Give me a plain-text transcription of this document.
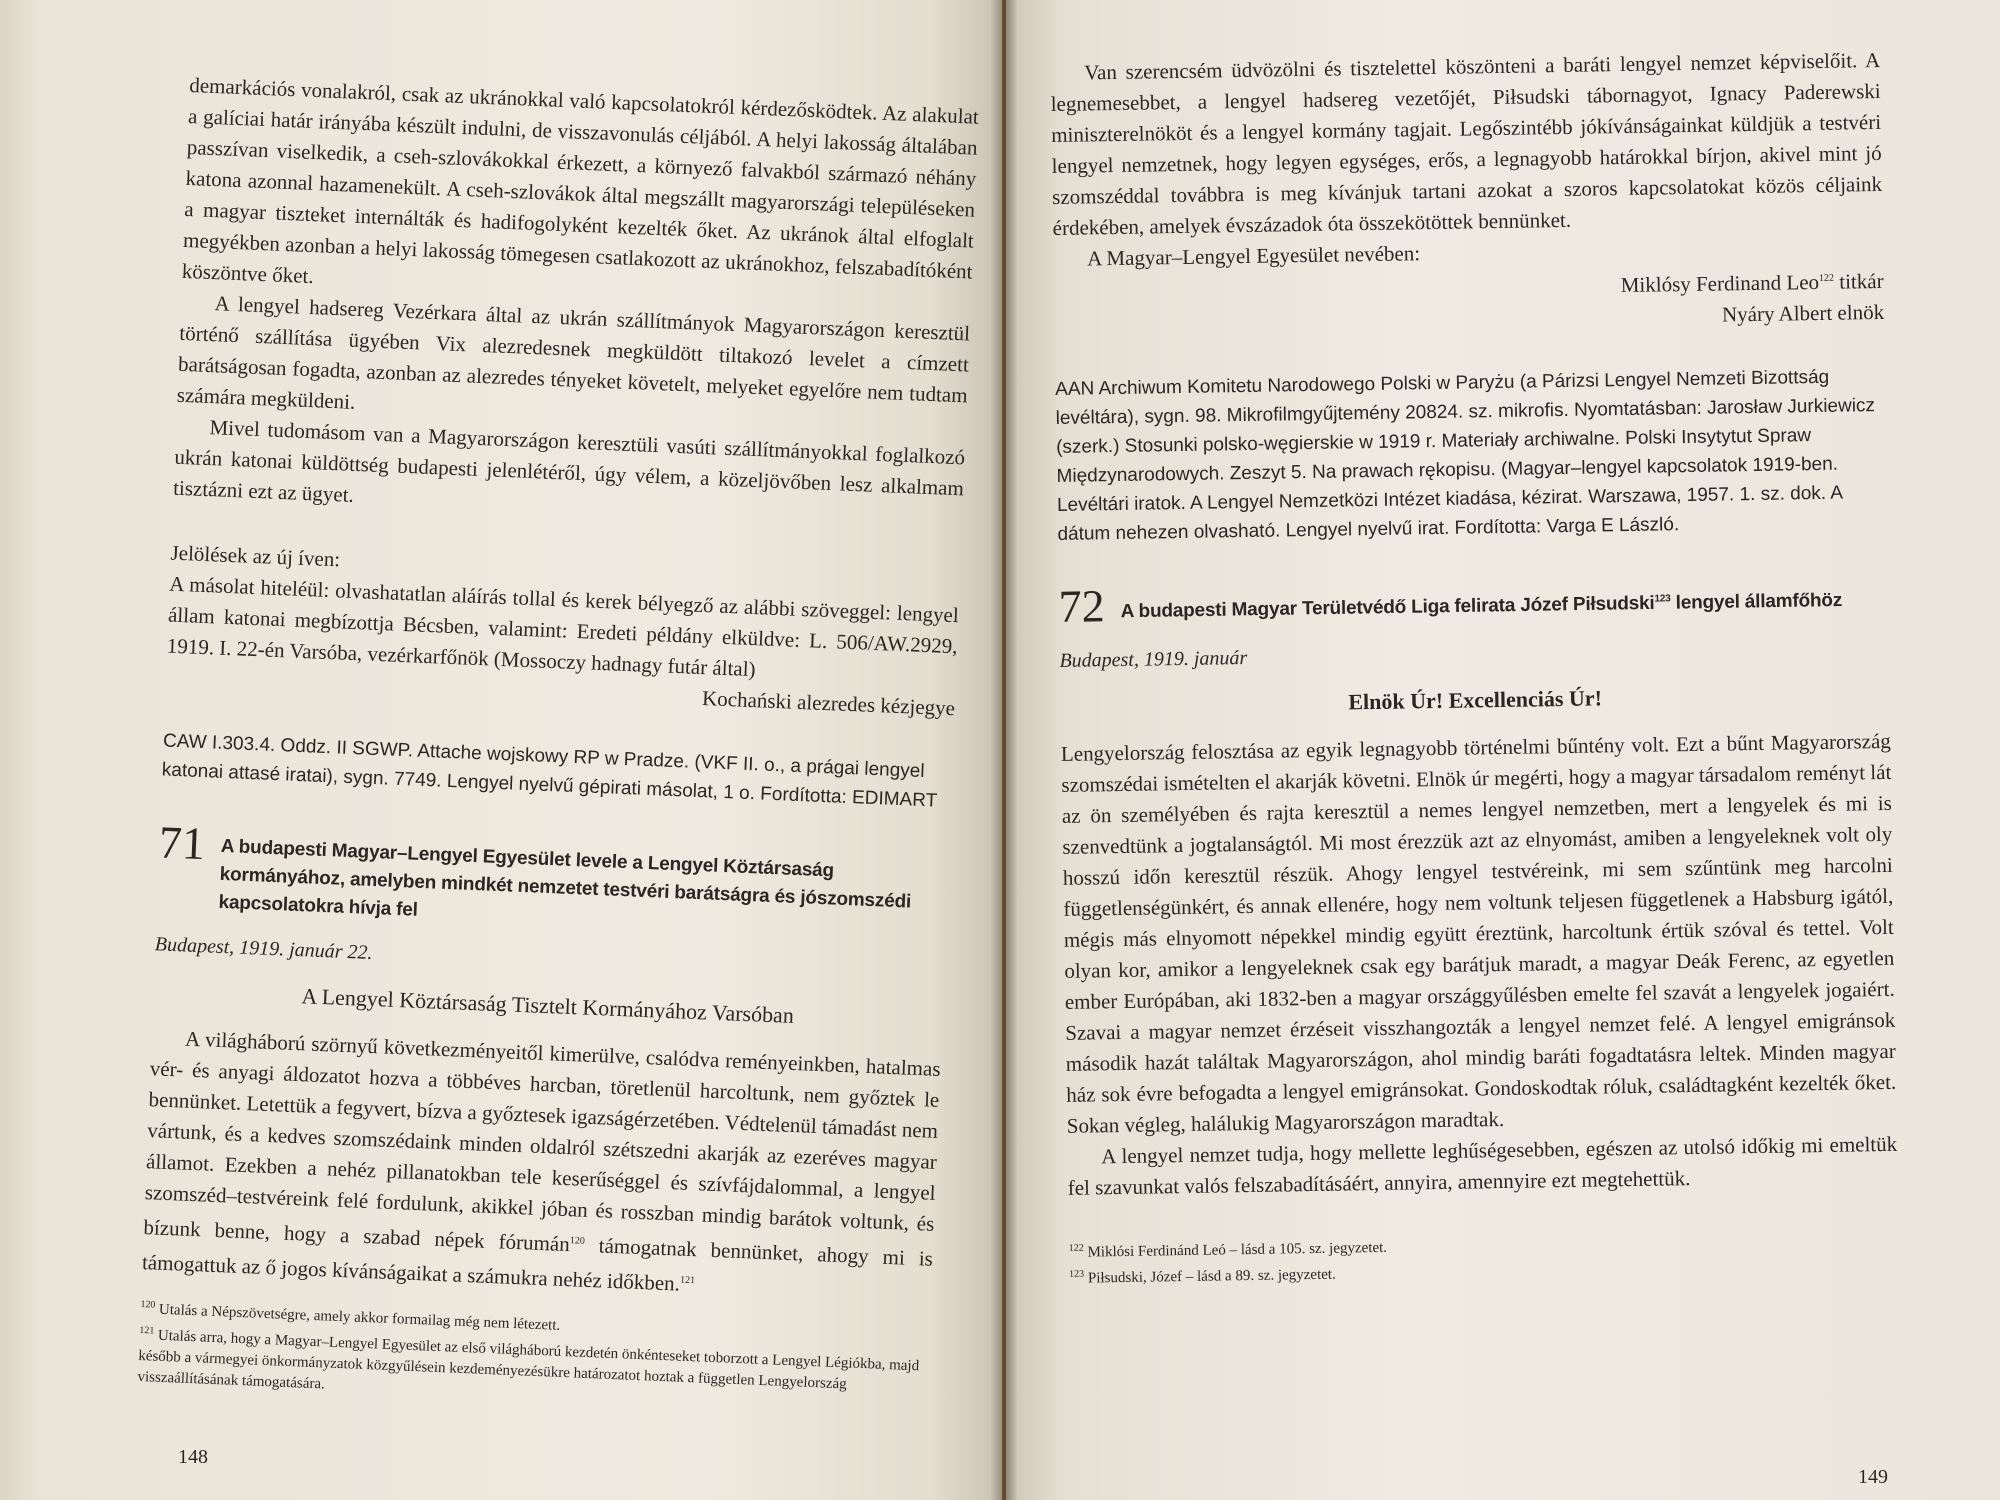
demarkációs vonalakról, csak az ukránokkal való kapcsolatokról kérdezősködtek. Az alakulat a galíciai határ irányába készült indulni, de visszavonulás céljából. A helyi lakosság általában passzívan viselkedik, a cseh-szlovákokkal érkezett, a környező falvakból származó néhány katona azonnal hazamenekült. A cseh-szlovákok által megszállt magyarországi településeken a magyar tiszteket internálták és hadifogolyként kezelték őket. Az ukránok által elfoglalt megyékben azonban a helyi lakosság tömegesen csatlakozott az ukránokhoz, felszabadítóként köszöntve őket.

A lengyel hadsereg Vezérkara által az ukrán szállítmányok Magyarországon keresztül történő szállítása ügyében Vix alezredesnek megküldött tiltakozó levelet a címzett barátságosan fogadta, azonban az alezredes tényeket követelt, melyeket egyelőre nem tudtam számára megküldeni.

Mivel tudomásom van a Magyarországon keresztüli vasúti szállítmányokkal foglalkozó ukrán katonai küldöttség budapesti jelenlétéről, úgy vélem, a közeljövőben lesz alkalmam tisztázni ezt az ügyet.

Jelölések az új íven:

A másolat hiteléül: olvashatatlan aláírás tollal és kerek bélyegző az alábbi szöveggel: lengyel állam katonai megbízottja Bécsben, valamint: Eredeti példány elküldve: L. 506/AW.2929, 1919. I. 22-én Varsóba, vezérkarfőnök (Mossoczy hadnagy futár által)

Kochański alezredes kézjegye

CAW I.303.4. Oddz. II SGWP. Attache wojskowy RP w Pradze. (VKF II. o., a prágai lengyel katonai attasé iratai), sygn. 7749. Lengyel nyelvű gépirati másolat, 1 o. Fordította: EDIMART

71 A budapesti Magyar–Lengyel Egyesület levele a Lengyel Köztársaság kormányához, amelyben mindkét nemzetet testvéri barátságra és jószomszédi kapcsolatokra hívja fel

Budapest, 1919. január 22.

A Lengyel Köztársaság Tisztelt Kormányához Varsóban

A világháború szörnyű következményeitől kimerülve, csalódva reményeinkben, hatalmas vér- és anyagi áldozatot hozva a többéves harcban, töretlenül harcoltunk, nem győztek le bennünket. Letettük a fegyvert, bízva a győztesek igazságérzetében. Védtelenül támadást nem vártunk, és a kedves szomszédaink minden oldalról szétszedni akarják az ezeréves magyar államot. Ezekben a nehéz pillanatokban tele keserűséggel és szívfájdalommal, a lengyel szomszéd–testvéreink felé fordulunk, akikkel jóban és rosszban mindig barátok voltunk, és bízunk benne, hogy a szabad népek fórumán$^{120}$ támogatnak bennünket, ahogy mi is támogattuk az ő jogos kívánságaikat a számukra nehéz időkben.$^{121}$

$^{120}$ Utalás a Népszövetségre, amely akkor formailag még nem létezett.

$^{121}$ Utalás arra, hogy a Magyar–Lengyel Egyesület az első világháború kezdetén önkénteseket toborzott a Lengyel Légiókba, majd később a vármegyei önkormányzatok közgyűlésein kezdeményezésükre határozatot hoztak a független Lengyelország visszaállításának támogatására.

148

Van szerencsém üdvözölni és tisztelettel köszönteni a baráti lengyel nemzet képviselőit. A legnemesebbet, a lengyel hadsereg vezetőjét, Piłsudski tábornagyot, Ignacy Paderewski miniszterelnököt és a lengyel kormány tagjait. Legőszintébb jókívánságainkat küldjük a testvéri lengyel nemzetnek, hogy legyen egységes, erős, a legnagyobb határokkal bírjon, akivel mint jó szomszéddal továbbra is meg kívánjuk tartani azokat a szoros kapcsolatokat közös céljaink érdekében, amelyek évszázadok óta összekötöttek bennünket.

A Magyar–Lengyel Egyesület nevében:

Miklósy Ferdinand Leo$^{122}$ titkár

Nyáry Albert elnök

AAN Archiwum Komitetu Narodowego Polski w Paryżu (a Párizsi Lengyel Nemzeti Bizottság levéltára), sygn. 98. Mikrofilmgyűjtemény 20824. sz. mikrofis. Nyomtatásban: Jarosław Jurkiewicz (szerk.) Stosunki polsko-węgierskie w 1919 r. Materiały archiwalne. Polski Insytytut Spraw Międzynarodowych. Zeszyt 5. Na prawach rękopisu. (Magyar–lengyel kapcsolatok 1919-ben. Levéltári iratok. A Lengyel Nemzetközi Intézet kiadása, kézirat. Warszawa, 1957. 1. sz. dok. A dátum nehezen olvasható. Lengyel nyelvű irat. Fordította: Varga E László.

72 A budapesti Magyar Területvédő Liga felirata Józef Piłsudski$^{123}$ lengyel államfőhöz

Budapest, 1919. január

Elnök Úr! Excellenciás Úr!

Lengyelország felosztása az egyik legnagyobb történelmi bűntény volt. Ezt a bűnt Magyarország szomszédai ismételten el akarják követni. Elnök úr megérti, hogy a magyar társadalom reményt lát az ön személyében és rajta keresztül a nemes lengyel nemzetben, mert a lengyelek és mi is szenvedtünk a jogtalanságtól. Mi most érezzük azt az elnyomást, amiben a lengyeleknek volt oly hosszú időn keresztül részük. Ahogy lengyel testvéreink, mi sem szűntünk meg harcolni függetlenségünkért, és annak ellenére, hogy nem voltunk teljesen függetlenek a Habsburg igától, mégis más elnyomott népekkel mindig együtt éreztünk, harcoltunk értük szóval és tettel. Volt olyan kor, amikor a lengyeleknek csak egy barátjuk maradt, a magyar Deák Ferenc, az egyetlen ember Európában, aki 1832-ben a magyar országgyűlésben emelte fel szavát a lengyelek jogaiért. Szavai a magyar nemzet érzéseit visszhangozták a lengyel nemzet felé. A lengyel emigránsok második hazát találtak Magyarországon, ahol mindig baráti fogadtatásra leltek. Minden magyar ház sok évre befogadta a lengyel emigránsokat. Gondoskodtak róluk, családtagként kezelték őket. Sokan végleg, halálukig Magyarországon maradtak.

A lengyel nemzet tudja, hogy mellette leghűségesebben, egészen az utolsó időkig mi emeltük fel szavunkat valós felszabadításáért, annyira, amennyire ezt megtehettük.

$^{122}$ Miklósi Ferdinánd Leó – lásd a 105. sz. jegyzetet.

$^{123}$ Piłsudski, Józef – lásd a 89. sz. jegyzetet.

149
